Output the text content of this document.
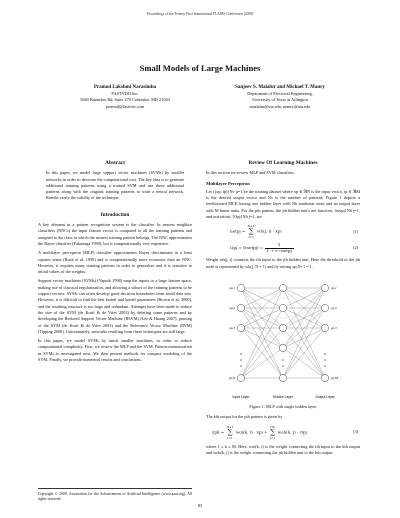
Proceedings of the Twenty-First International FLAIRS Conference (2008)
Small Models of Large Machines
Pramod Lakshmi Narasimha
FASTVDO Inc.
5840 Banneker Rd. Suite 270 Columbia, MD 21044
pramod@fastvdo.com
Sanjeev S. Malalur and Michael T. Manry
Department of Electrical Engineering,
University of Texas at Arlington
smalalur@uta.edu, manry@uta.edu
Abstract

In this paper, we model large support vector machines (SVMs) by smaller networks in order to decrease the computational cost. The key idea is to generate additional training patterns using a trained SVM and use these additional patterns along with the original training patterns to train a neural network. Results verify the validity of the technique.

Introduction

A key element in a pattern recognition system is the classifier. In nearest neighbor classifiers (NNCs) the input feature vector is compared to all the training patterns and assigned to the class to which the nearest training pattern belongs. The NNC approximates the Bayes classifier (Fukunaga 1990), but is computationally very expensive.

A multilayer perceptron (MLP) classifier approximates Bayes discriminant in a least squares sense (Ruck et al. 1990) and is computationally more economic than an NNC. However, it requires many training patterns in order to generalize and it is sensitive to initial values of the weights.

Support vector machines (SVMs) (Vapnik 1998) map the inputs to a large feature space, making use of classical regularization, and allowing a subset of the training patterns to be support vectors. SVMs can often develop good decision boundaries from small data sets. However, it is difficult to find the best kernel and kernel parameters (Brown et al. 2000), and the resulting structure is too large and redundant. Attempts have been made to reduce the size of the SVM (de Kruif & de Vries 2003) by deleting some patterns and by developing the Reduced Support Vector Machine (RSVM) (Lee & Huang 2007), pruning of the SVM (de Kruif & de Vries 2003) and the Relevance Vector Machine (RVM) (Tipping 2000). Unfortunately, networks resulting from these techniques are still large.

In this paper, we model SVMs by much smaller machines, in order to reduce computational complexity. First, we review the MLP and the SVM. Pattern-memorization in SVMs is investigated next. We then present methods for compact modeling of the SVM. Finally, we provide numerical results and conclusions.

Copyright © 2008, Association for the Advancement of Artificial Intelligence (www.aaai.org). All rights reserved.
Review Of Learning Machines

In this section we review MLP and SVM classifiers.

Multilayer Perceptron

Let {(xp, tp)}Nv p=1 be the training dataset where xp ∈ ℜN is the input vector, tp ∈ ℜM is the desired output vector and Nv is the number of patterns. Figure 1 depicts a feedforward MLP, having one hidden layer with Nh nonlinear units and an output layer with M linear units. For the pth pattern, the jth hidden unit's net function, {netpj}Nh j=1, and activation, {Opj}Nh j=1, are

netpj =
N+1
∑
i=1
wh(j, i) · xpi	(1)
Opj = f(netpj) = $\frac{1}{\text{1 + e−netpj}}$	(2)

Weight wh(j, i) connects the ith input to the jth hidden unit. Here the threshold of the jth node is represented by wh(j, N + 1) and by setting xp,N+1 = 1.

xp,1
xp,2
xp,3
xp,N
yp,1
yp,2
yp,3
yp,M
Input Layer	Hidden Layer	Output Layer
Figure 1: MLP with single hidden layer

The kth output for the pth pattern is given by

ypk =
N+1
∑
i=1
woi(k, i) · xpi +
Nh
∑
j=1
woh(k, j) · Opj	(3)

where 1 ≤ k ≤ M. Here, woi(k, i) is the weight connecting the ith input to the kth output and woh(k, j) is the weight connecting the jth hidden unit to the kth output.

83
